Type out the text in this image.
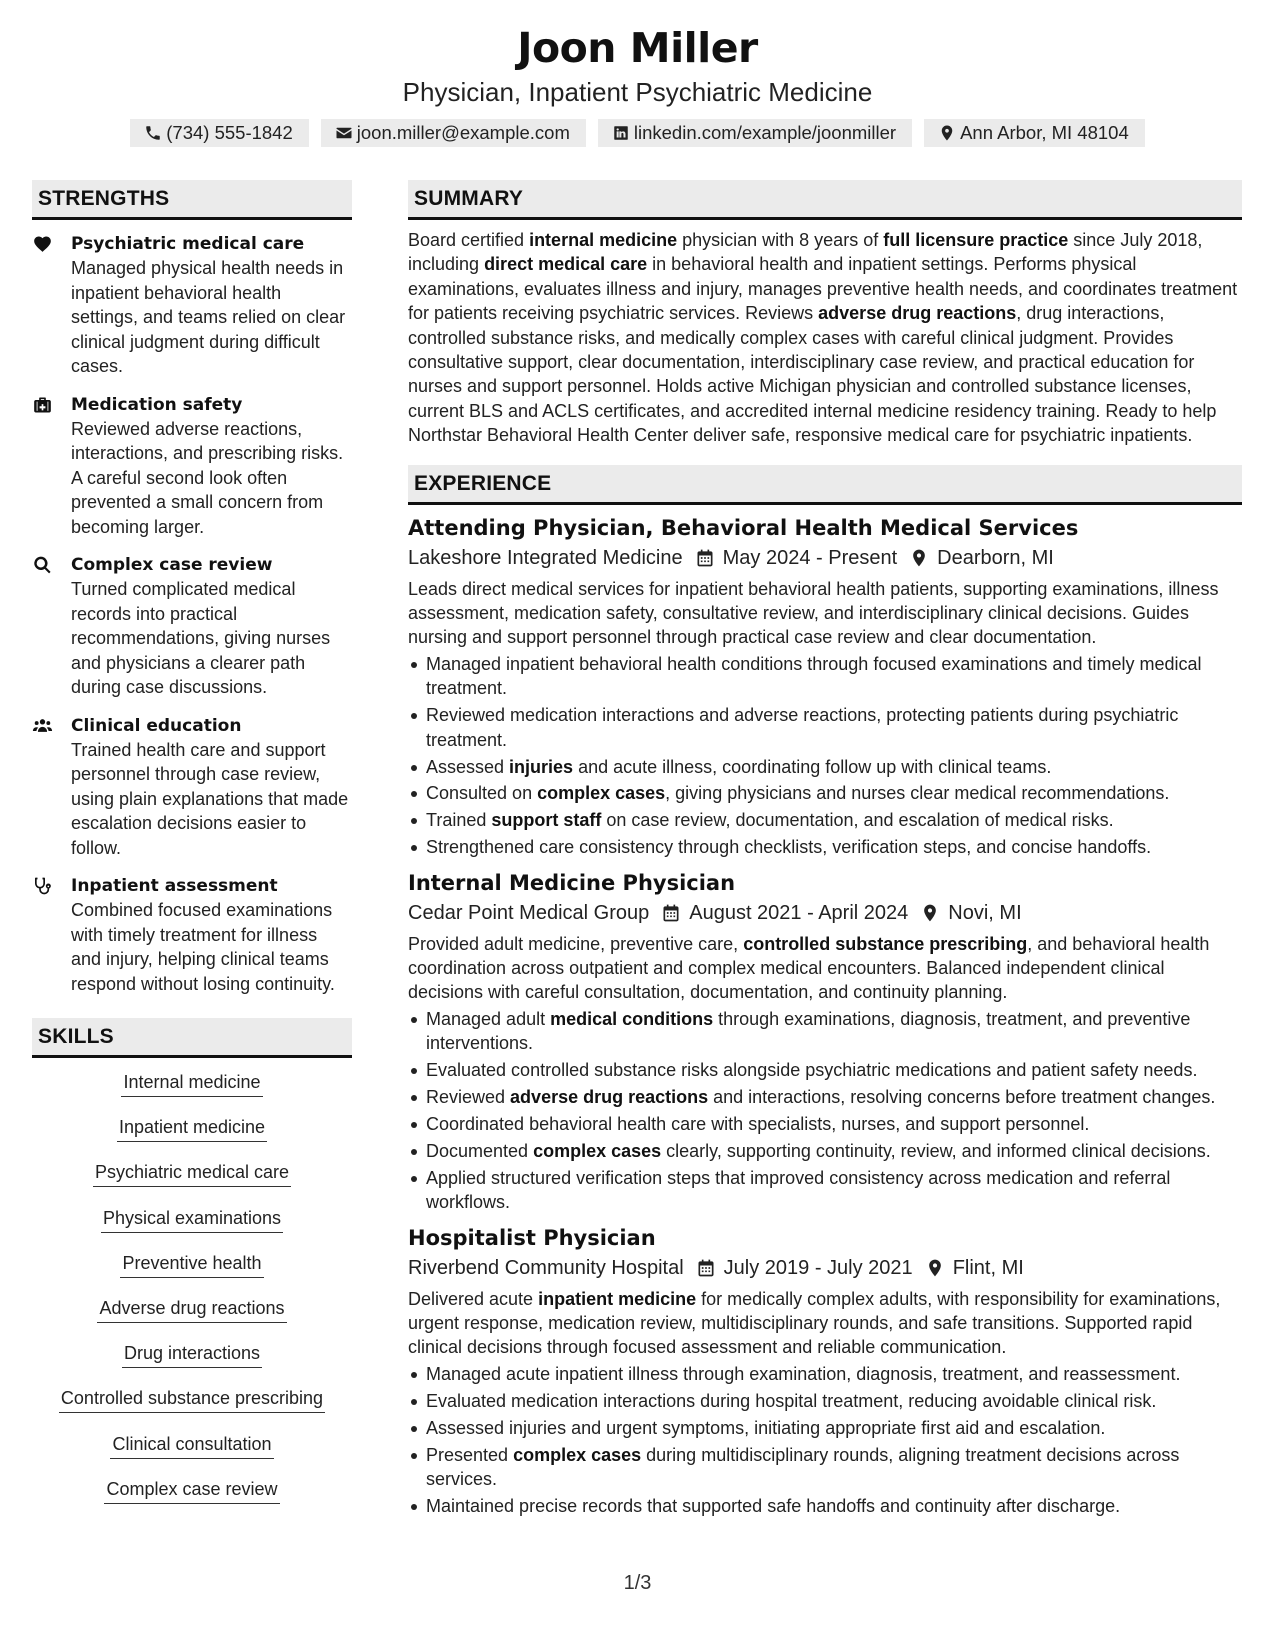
Joon Miller
Physician, Inpatient Psychiatric Medicine
(734) 555-1842	joon.miller@example.com	linkedin.com/example/joonmiller	Ann Arbor, MI 48104
STRENGTHS
Psychiatric medical care
Managed physical health needs in inpatient behavioral health settings, and teams relied on clear clinical judgment during difficult cases.
Medication safety
Reviewed adverse reactions, interactions, and prescribing risks. A careful second look often prevented a small concern from becoming larger.
Complex case review
Turned complicated medical records into practical recommendations, giving nurses and physicians a clearer path during case discussions.
Clinical education
Trained health care and support personnel through case review, using plain explanations that made escalation decisions easier to follow.
Inpatient assessment
Combined focused examinations with timely treatment for illness and injury, helping clinical teams respond without losing continuity.
SKILLS
Internal medicine
Inpatient medicine
Psychiatric medical care
Physical examinations
Preventive health
Adverse drug reactions
Drug interactions
Controlled substance prescribing
Clinical consultation
Complex case review
SUMMARY
Board certified internal medicine physician with 8 years of full licensure practice since July 2018, including direct medical care in behavioral health and inpatient settings. Performs physical examinations, evaluates illness and injury, manages preventive health needs, and coordinates treatment for patients receiving psychiatric services. Reviews adverse drug reactions, drug interactions, controlled substance risks, and medically complex cases with careful clinical judgment. Provides consultative support, clear documentation, interdisciplinary case review, and practical education for nurses and support personnel. Holds active Michigan physician and controlled substance licenses, current BLS and ACLS certificates, and accredited internal medicine residency training. Ready to help Northstar Behavioral Health Center deliver safe, responsive medical care for psychiatric inpatients.
EXPERIENCE
Attending Physician, Behavioral Health Medical Services
Lakeshore Integrated Medicine May 2024 - Present Dearborn, MI
Leads direct medical services for inpatient behavioral health patients, supporting examinations, illness assessment, medication safety, consultative review, and interdisciplinary clinical decisions. Guides nursing and support personnel through practical case review and clear documentation.
Managed inpatient behavioral health conditions through focused examinations and timely medical treatment.
Reviewed medication interactions and adverse reactions, protecting patients during psychiatric treatment.
Assessed injuries and acute illness, coordinating follow up with clinical teams.
Consulted on complex cases, giving physicians and nurses clear medical recommendations.
Trained support staff on case review, documentation, and escalation of medical risks.
Strengthened care consistency through checklists, verification steps, and concise handoffs.
Internal Medicine Physician
Cedar Point Medical Group August 2021 - April 2024 Novi, MI
Provided adult medicine, preventive care, controlled substance prescribing, and behavioral health coordination across outpatient and complex medical encounters. Balanced independent clinical decisions with careful consultation, documentation, and continuity planning.
Managed adult medical conditions through examinations, diagnosis, treatment, and preventive interventions.
Evaluated controlled substance risks alongside psychiatric medications and patient safety needs.
Reviewed adverse drug reactions and interactions, resolving concerns before treatment changes.
Coordinated behavioral health care with specialists, nurses, and support personnel.
Documented complex cases clearly, supporting continuity, review, and informed clinical decisions.
Applied structured verification steps that improved consistency across medication and referral workflows.
Hospitalist Physician
Riverbend Community Hospital July 2019 - July 2021 Flint, MI
Delivered acute inpatient medicine for medically complex adults, with responsibility for examinations, urgent response, medication review, multidisciplinary rounds, and safe transitions. Supported rapid clinical decisions through focused assessment and reliable communication.
Managed acute inpatient illness through examination, diagnosis, treatment, and reassessment.
Evaluated medication interactions during hospital treatment, reducing avoidable clinical risk.
Assessed injuries and urgent symptoms, initiating appropriate first aid and escalation.
Presented complex cases during multidisciplinary rounds, aligning treatment decisions across services.
Maintained precise records that supported safe handoffs and continuity after discharge.
1/3
